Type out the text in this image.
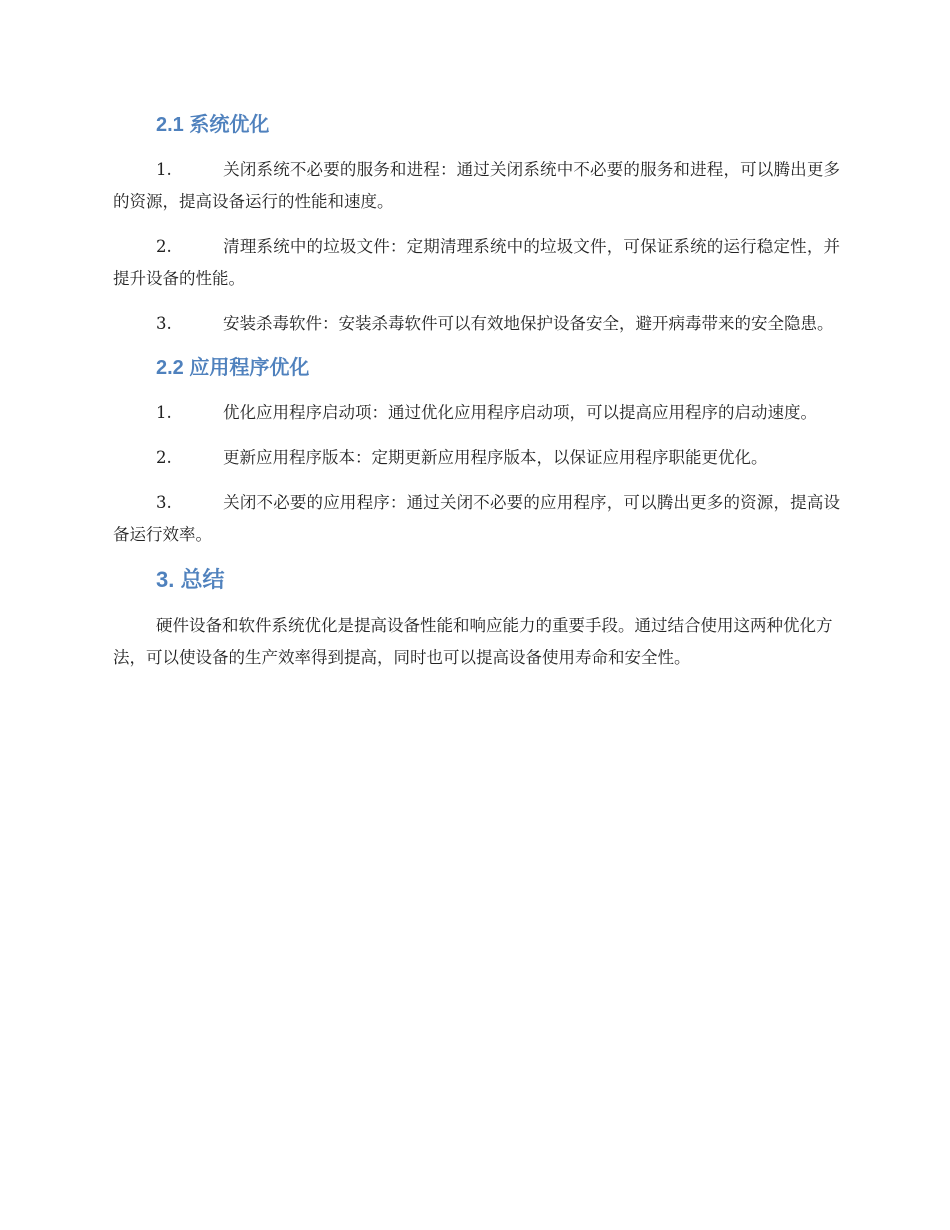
2.1 系统优化

1.	关闭系统不必要的服务和进程：通过关闭系统中不必要的服务和进程，可以腾出更多的资源，提高设备运行的性能和速度。

2.	清理系统中的垃圾文件：定期清理系统中的垃圾文件，可保证系统的运行稳定性，并提升设备的性能。

3.	安装杀毒软件：安装杀毒软件可以有效地保护设备安全，避开病毒带来的安全隐患。

2.2 应用程序优化

1.	优化应用程序启动项：通过优化应用程序启动项，可以提高应用程序的启动速度。

2.	更新应用程序版本：定期更新应用程序版本，以保证应用程序职能更优化。

3.	关闭不必要的应用程序：通过关闭不必要的应用程序，可以腾出更多的资源，提高设备运行效率。

3. 总结

硬件设备和软件系统优化是提高设备性能和响应能力的重要手段。通过结合使用这两种优化方法，可以使设备的生产效率得到提高，同时也可以提高设备使用寿命和安全性。
